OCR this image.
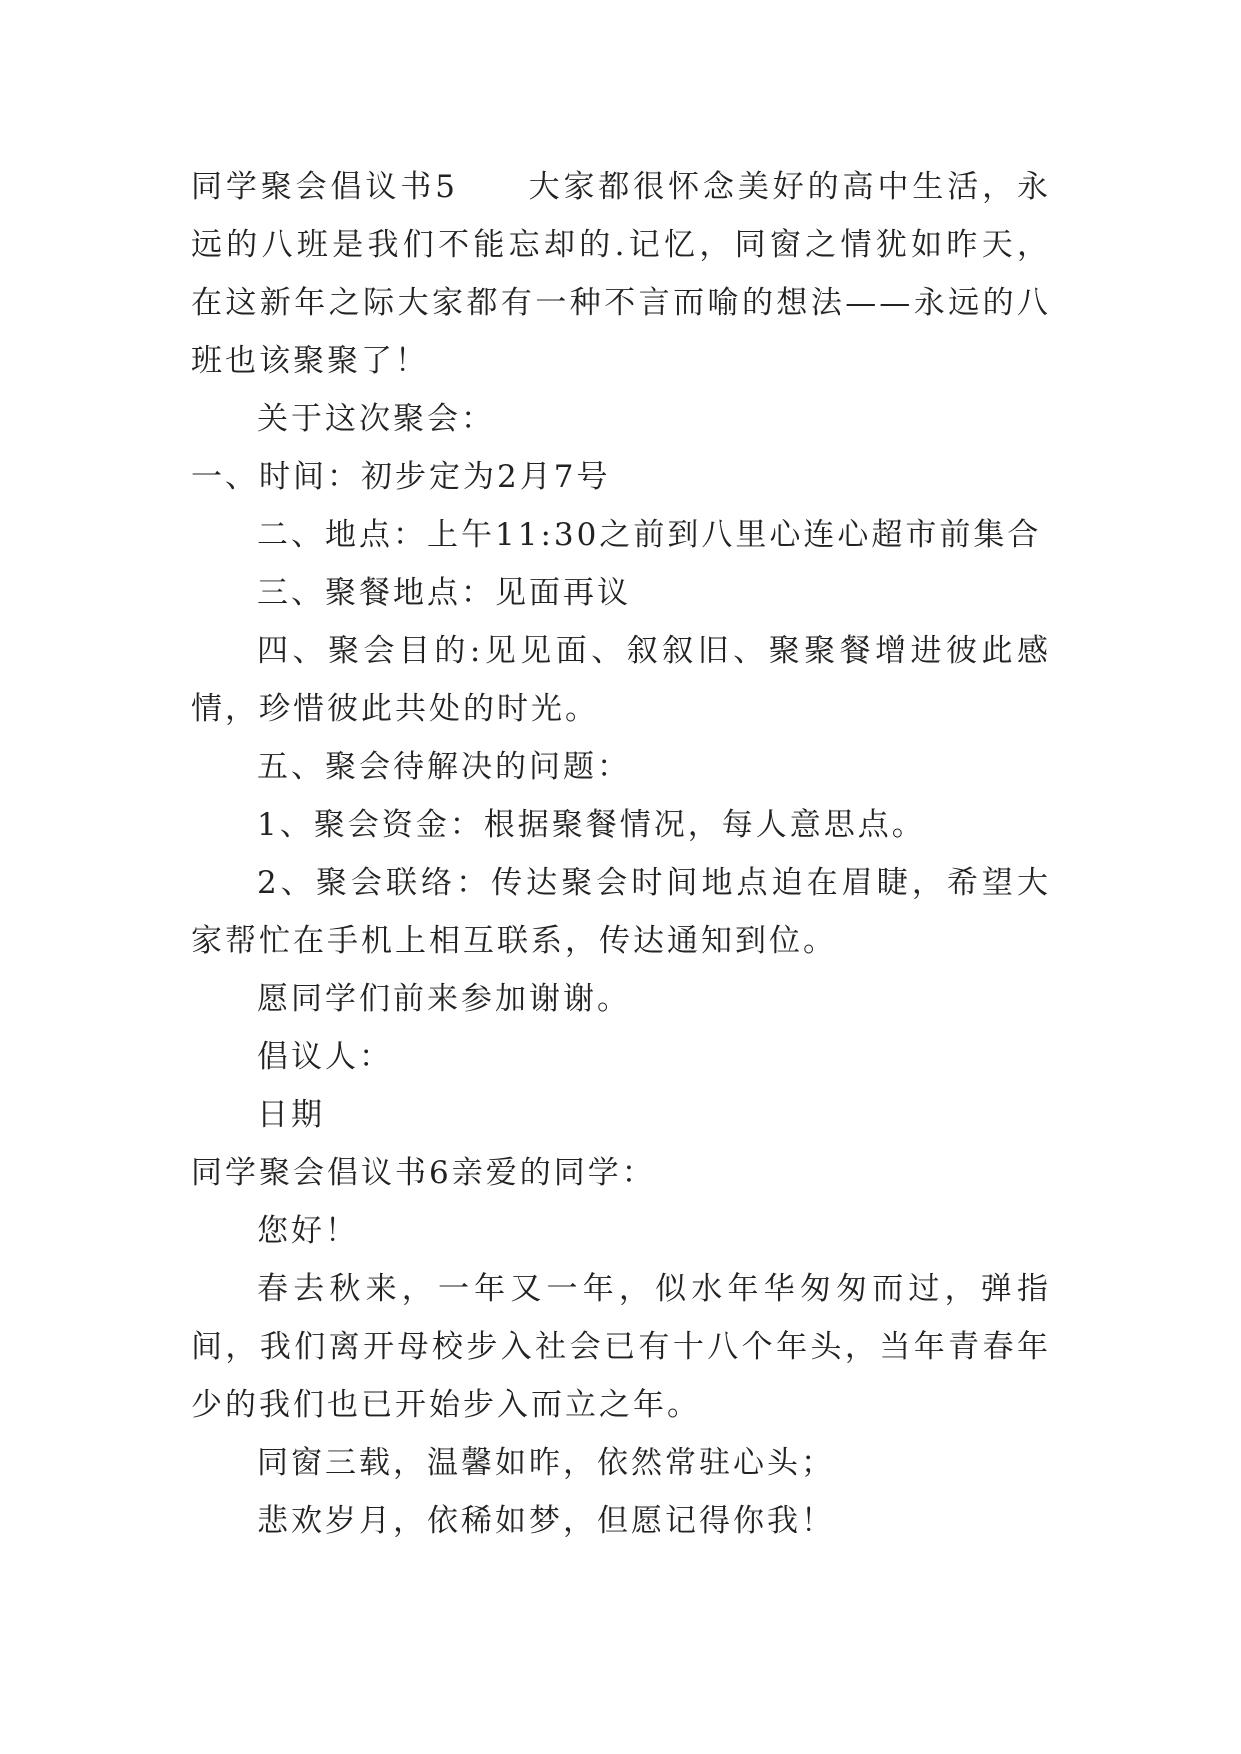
同学聚会倡议书5　　大家都很怀念美好的高中生活，永远的八班是我们不能忘却的.记忆，同窗之情犹如昨天，在这新年之际大家都有一种不言而喻的想法——永远的八班也该聚聚了！

关于这次聚会：

一、时间：初步定为2月7号

二、地点：上午11:30之前到八里心连心超市前集合

三、聚餐地点：见面再议

四、聚会目的:见见面、叙叙旧、聚聚餐增进彼此感情，珍惜彼此共处的时光。

五、聚会待解决的问题：

1、聚会资金：根据聚餐情况，每人意思点。

2、聚会联络：传达聚会时间地点迫在眉睫，希望大家帮忙在手机上相互联系，传达通知到位。

愿同学们前来参加谢谢。

倡议人：

日期

同学聚会倡议书6亲爱的同学：

您好！

春去秋来，一年又一年，似水年华匆匆而过，弹指间，我们离开母校步入社会已有十八个年头，当年青春年少的我们也已开始步入而立之年。

同窗三载，温馨如昨，依然常驻心头；

悲欢岁月，依稀如梦，但愿记得你我！
